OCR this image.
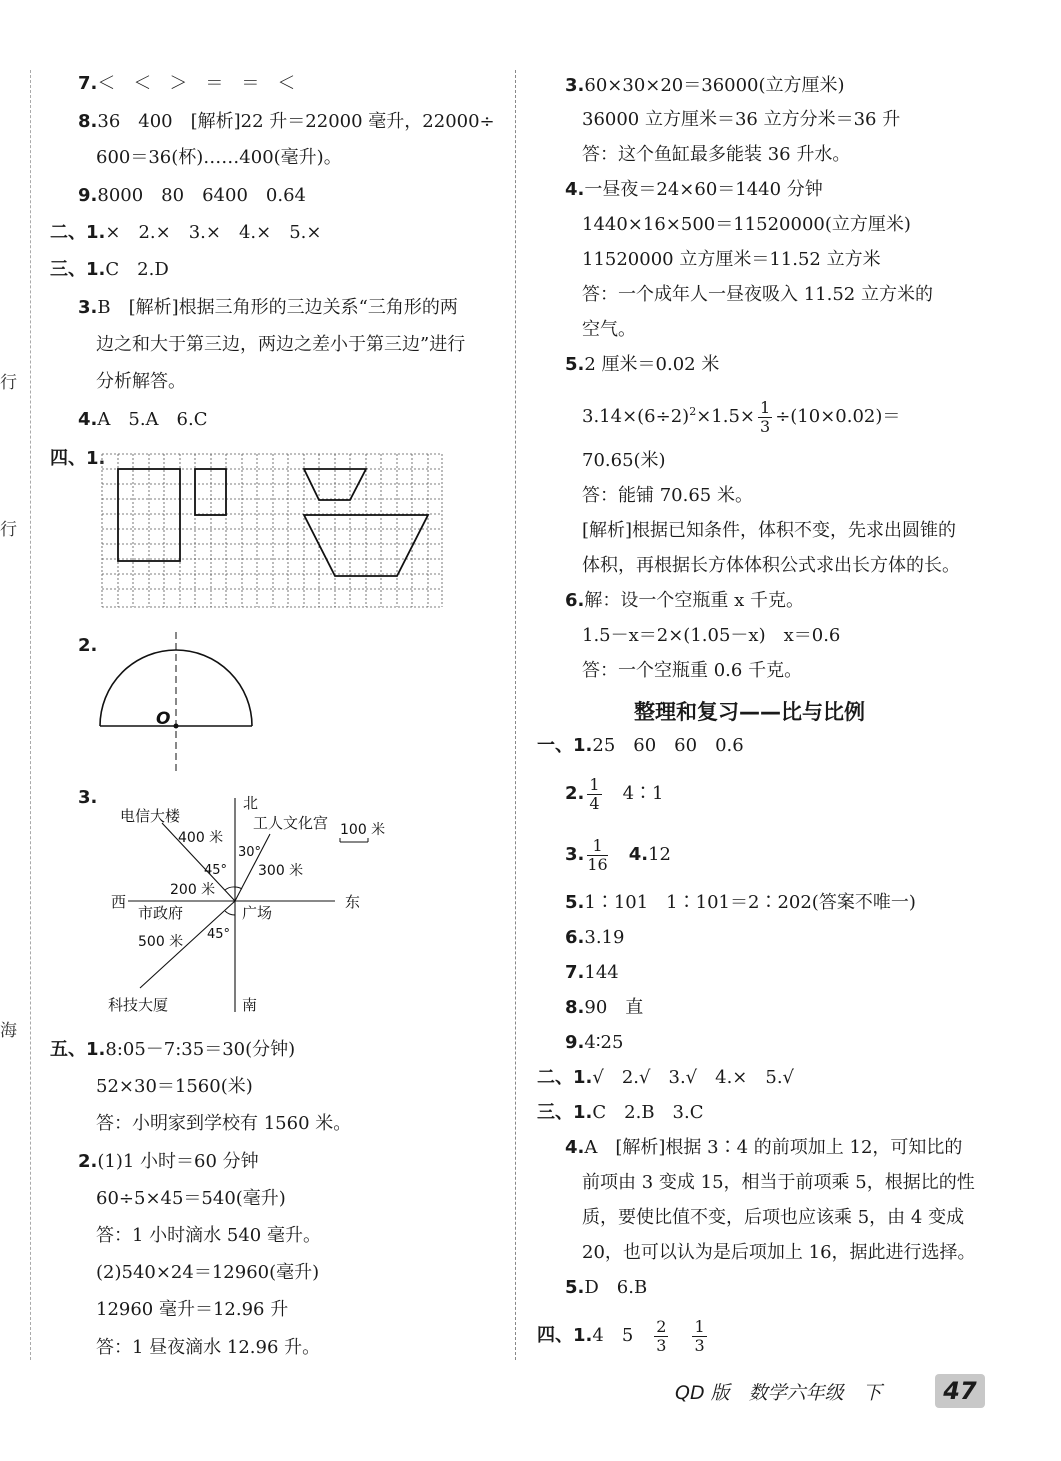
行
行
海
7.＜　＜　＞　＝　＝　＜
8.36　400　[解析]22 升＝22000 毫升，22000÷
600＝36(杯)……400(毫升)。
9.8000　80　6400　0.64
二、1.×　2.×　3.×　4.×　5.×
三、1.C　2.D
3.B　[解析]根据三角形的三边关系“三角形的两
边之和大于第三边，两边之差小于第三边”进行
分析解答。
4.A　5.A　6.C
四、1.
2.
O
3.	北
南
东
西
电信大楼	工人文化宫
市政府
科技大厦
广场
400 米
300 米
200 米
500 米
45°
30°
45°
100 米
五、1.8:05－7:35＝30(分钟)
52×30＝1560(米)
答：小明家到学校有 1560 米。
2.(1)1 小时＝60 分钟
60÷5×45＝540(毫升)
答：1 小时滴水 540 毫升。
(2)540×24＝12960(毫升)
12960 毫升＝12.96 升
答：1 昼夜滴水 12.96 升。
3.60×30×20＝36000(立方厘米)
36000 立方厘米＝36 立方分米＝36 升
答：这个鱼缸最多能装 36 升水。
4.一昼夜＝24×60＝1440 分钟
1440×16×500＝11520000(立方厘米)
11520000 立方厘米＝11.52 立方米
答：一个成年人一昼夜吸入 11.52 立方米的
空气。
5.2 厘米＝0.02 米
$3.14\times(6\div 2)^2\times 1.5\times \frac{1}{3} \div(10\times 0.02)=$
70.65(米)
答：能铺 70.65 米。
[解析]根据已知条件，体积不变，先求出圆锥的
体积，再根据长方体体积公式求出长方体的长。
6.解：设一个空瓶重 x 千克。
1.5－x＝2×(1.05－x)　x＝0.6
答：一个空瓶重 0.6 千克。
整理和复习——比与比例
一、1.25　60　60　0.6
2. $\frac{1}{4}$
　 4∶1
3. $\frac{1}{16}$
　 4.12
5.1∶101　1∶101＝2∶202(答案不唯一)
6.3.19
7.144
8.90　直
9.4∶25
二、1.√　2.√　3.√　4.×　5.√
三、1.C　2.B　3.C
4.A　[解析]根据 3∶4 的前项加上 12，可知比的
前项由 3 变成 15，相当于前项乘 5，根据比的性
质，要使比值不变，后项也应该乘 5，由 4 变成
20，也可以认为是后项加上 16，据此进行选择。
5.D　6.B
四、1.4　 5　 $\frac{2}{3}$
　 $\frac{1}{3}$
QD 版　数学六年级　下	47
